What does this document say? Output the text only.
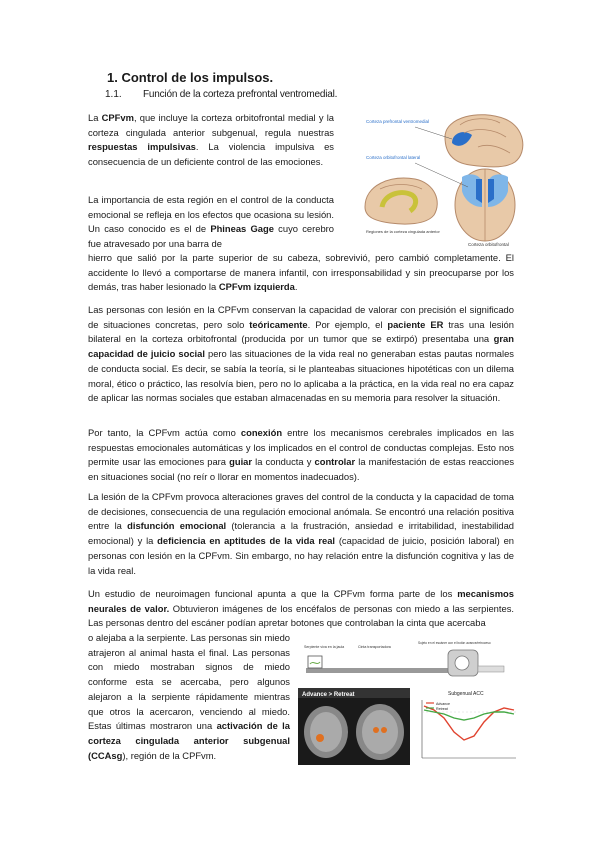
1. Control de los impulsos.
1.1. Función de la corteza prefrontal ventromedial.
La CPFvm, que incluye la corteza orbitofrontal medial y la corteza cingulada anterior subgenual, regula nuestras respuestas impulsivas. La violencia impulsiva es consecuencia de un deficiente control de las emociones.
La importancia de esta región en el control de la conducta emocional se refleja en los efectos que ocasiona su lesión. Un caso conocido es el de Phineas Gage cuyo cerebro fue atravesado por una barra de
hierro que salió por la parte superior de su cabeza, sobrevivió, pero cambió completamente. El accidente lo llevó a comportarse de manera infantil, con irresponsabilidad y sin preocuparse por los demás, tras haber lesionado la CPFvm izquierda.
Las personas con lesión en la CPFvm conservan la capacidad de valorar con precisión el significado de situaciones concretas, pero solo teóricamente. Por ejemplo, el paciente ER tras una lesión bilateral en la corteza orbitofrontal (producida por un tumor que se extirpó) presentaba una gran capacidad de juicio social pero las situaciones de la vida real no generaban estas pautas normales de conducta social. Es decir, se sabía la teoría, si le planteabas situaciones hipotéticas con un dilema moral, ético o práctico, las resolvía bien, pero no lo aplicaba a la práctica, en la vida real no era capaz de aplicar las normas sociales que estaban almacenadas en su memoria para resolver la situación.
Por tanto, la CPFvm actúa como conexión entre los mecanismos cerebrales implicados en las respuestas emocionales automáticas y los implicados en el control de conductas complejas. Esto nos permite usar las emociones para guiar la conducta y controlar la manifestación de estas reacciones en situaciones social (no reír o llorar en momentos inadecuados).
La lesión de la CPFvm provoca alteraciones graves del control de la conducta y la capacidad de toma de decisiones, consecuencia de una regulación emocional anómala. Se encontró una relación positiva entre la disfunción emocional (tolerancia a la frustración, ansiedad e irritabilidad, inestabilidad emocional) y la deficiencia en aptitudes de la vida real (capacidad de juicio, posición laboral) en personas con lesión en la CPFvm. Sin embargo, no hay relación entre la disfunción cognitiva y las de la vida real.
Un estudio de neuroimagen funcional apunta a que la CPFvm forma parte de los mecanismos neurales de valor. Obtuvieron imágenes de los encéfalos de personas con miedo a las serpientes. Las personas dentro del escáner podían apretar botones que controlaban la cinta que acercaba
o alejaba a la serpiente. Las personas sin miedo atrajeron al animal hasta el final. Las personas con miedo mostraban signos de miedo conforme esta se acercaba, pero algunos alejaron a la serpiente rápidamente mientras que otros la acercaron, venciendo al miedo. Estas últimas mostraron una activación de la corteza cingulada anterior subgenual (CCAsg), región de la CPFvm.
Corteza prefrontal ventromedial
Corteza orbitofrontal lateral
Regiones de la corteza cingulada anterior
Corteza orbitofrontal
Serpiente viva en la jaula	Cinta transportadora
Sujeto en el escáner con el botón avance/retroceso
Advance > Retreat	Subgenual ACC
Advance
Retreat
